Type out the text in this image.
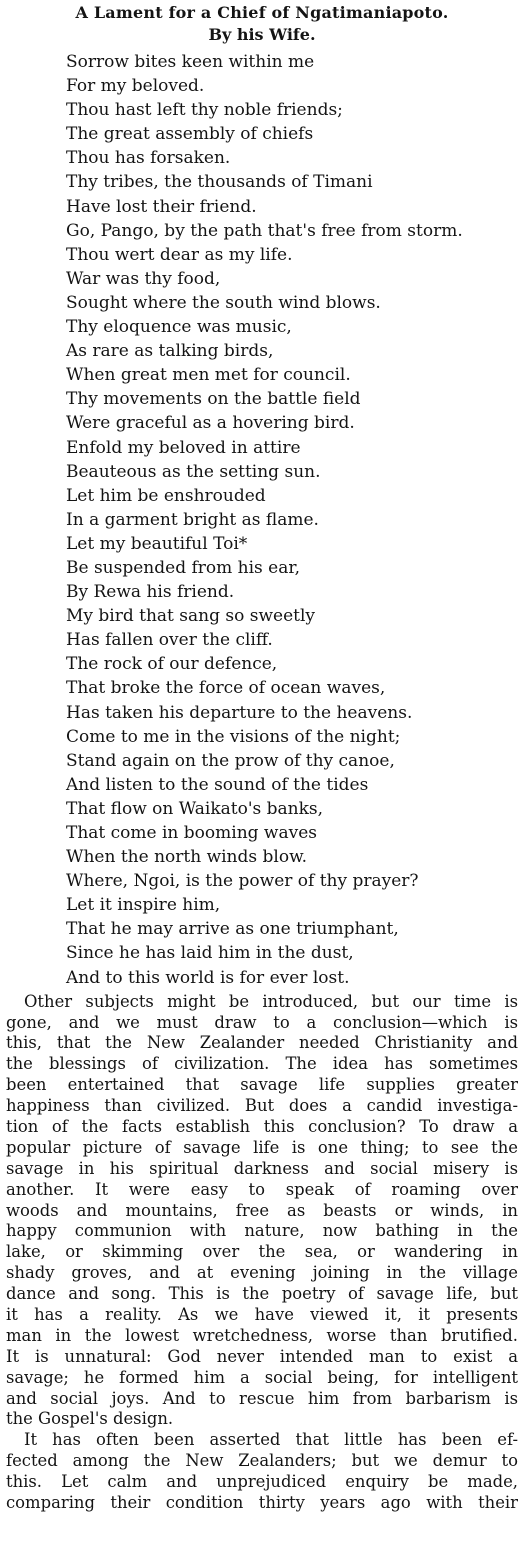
A Lament for a Chief of Ngatimaniapoto.
By his Wife.
Sorrow bites keen within me
For my beloved.
Thou hast left thy noble friends;
The great assembly of chiefs
Thou has forsaken.
Thy tribes, the thousands of Timani
Have lost their friend.
Go, Pango, by the path that's free from storm.
Thou wert dear as my life.
War was thy food,
Sought where the south wind blows.
Thy eloquence was music,
As rare as talking birds,
When great men met for council.
Thy movements on the battle field
Were graceful as a hovering bird.
Enfold my beloved in attire
Beauteous as the setting sun.
Let him be enshrouded
In a garment bright as flame.
Let my beautiful Toi*
Be suspended from his ear,
By Rewa his friend.
My bird that sang so sweetly
Has fallen over the cliff.
The rock of our defence,
That broke the force of ocean waves,
Has taken his departure to the heavens.
Come to me in the visions of the night;
Stand again on the prow of thy canoe,
And listen to the sound of the tides
That flow on Waikato's banks,
That come in booming waves
When the north winds blow.
Where, Ngoi, is the power of thy prayer?
Let it inspire him,
That he may arrive as one triumphant,
Since he has laid him in the dust,
And to this world is for ever lost.
Other subjects might be introduced, but our time is
gone, and we must draw to a conclusion—which is
this, that the New Zealander needed Christianity and
the blessings of civilization. The idea has sometimes
been entertained that savage life supplies greater
happiness than civilized. But does a candid investiga-
tion of the facts establish this conclusion? To draw a
popular picture of savage life is one thing; to see the
savage in his spiritual darkness and social misery is
another. It were easy to speak of roaming over
woods and mountains, free as beasts or winds, in
happy communion with nature, now bathing in the
lake, or skimming over the sea, or wandering in
shady groves, and at evening joining in the village
dance and song. This is the poetry of savage life, but
it has a reality. As we have viewed it, it presents
man in the lowest wretchedness, worse than brutified.
It is unnatural: God never intended man to exist a
savage; he formed him a social being, for intelligent
and social joys. And to rescue him from barbarism is
the Gospel's design.
It has often been asserted that little has been ef-
fected among the New Zealanders; but we demur to
this. Let calm and unprejudiced enquiry be made,
comparing their condition thirty years ago with their
